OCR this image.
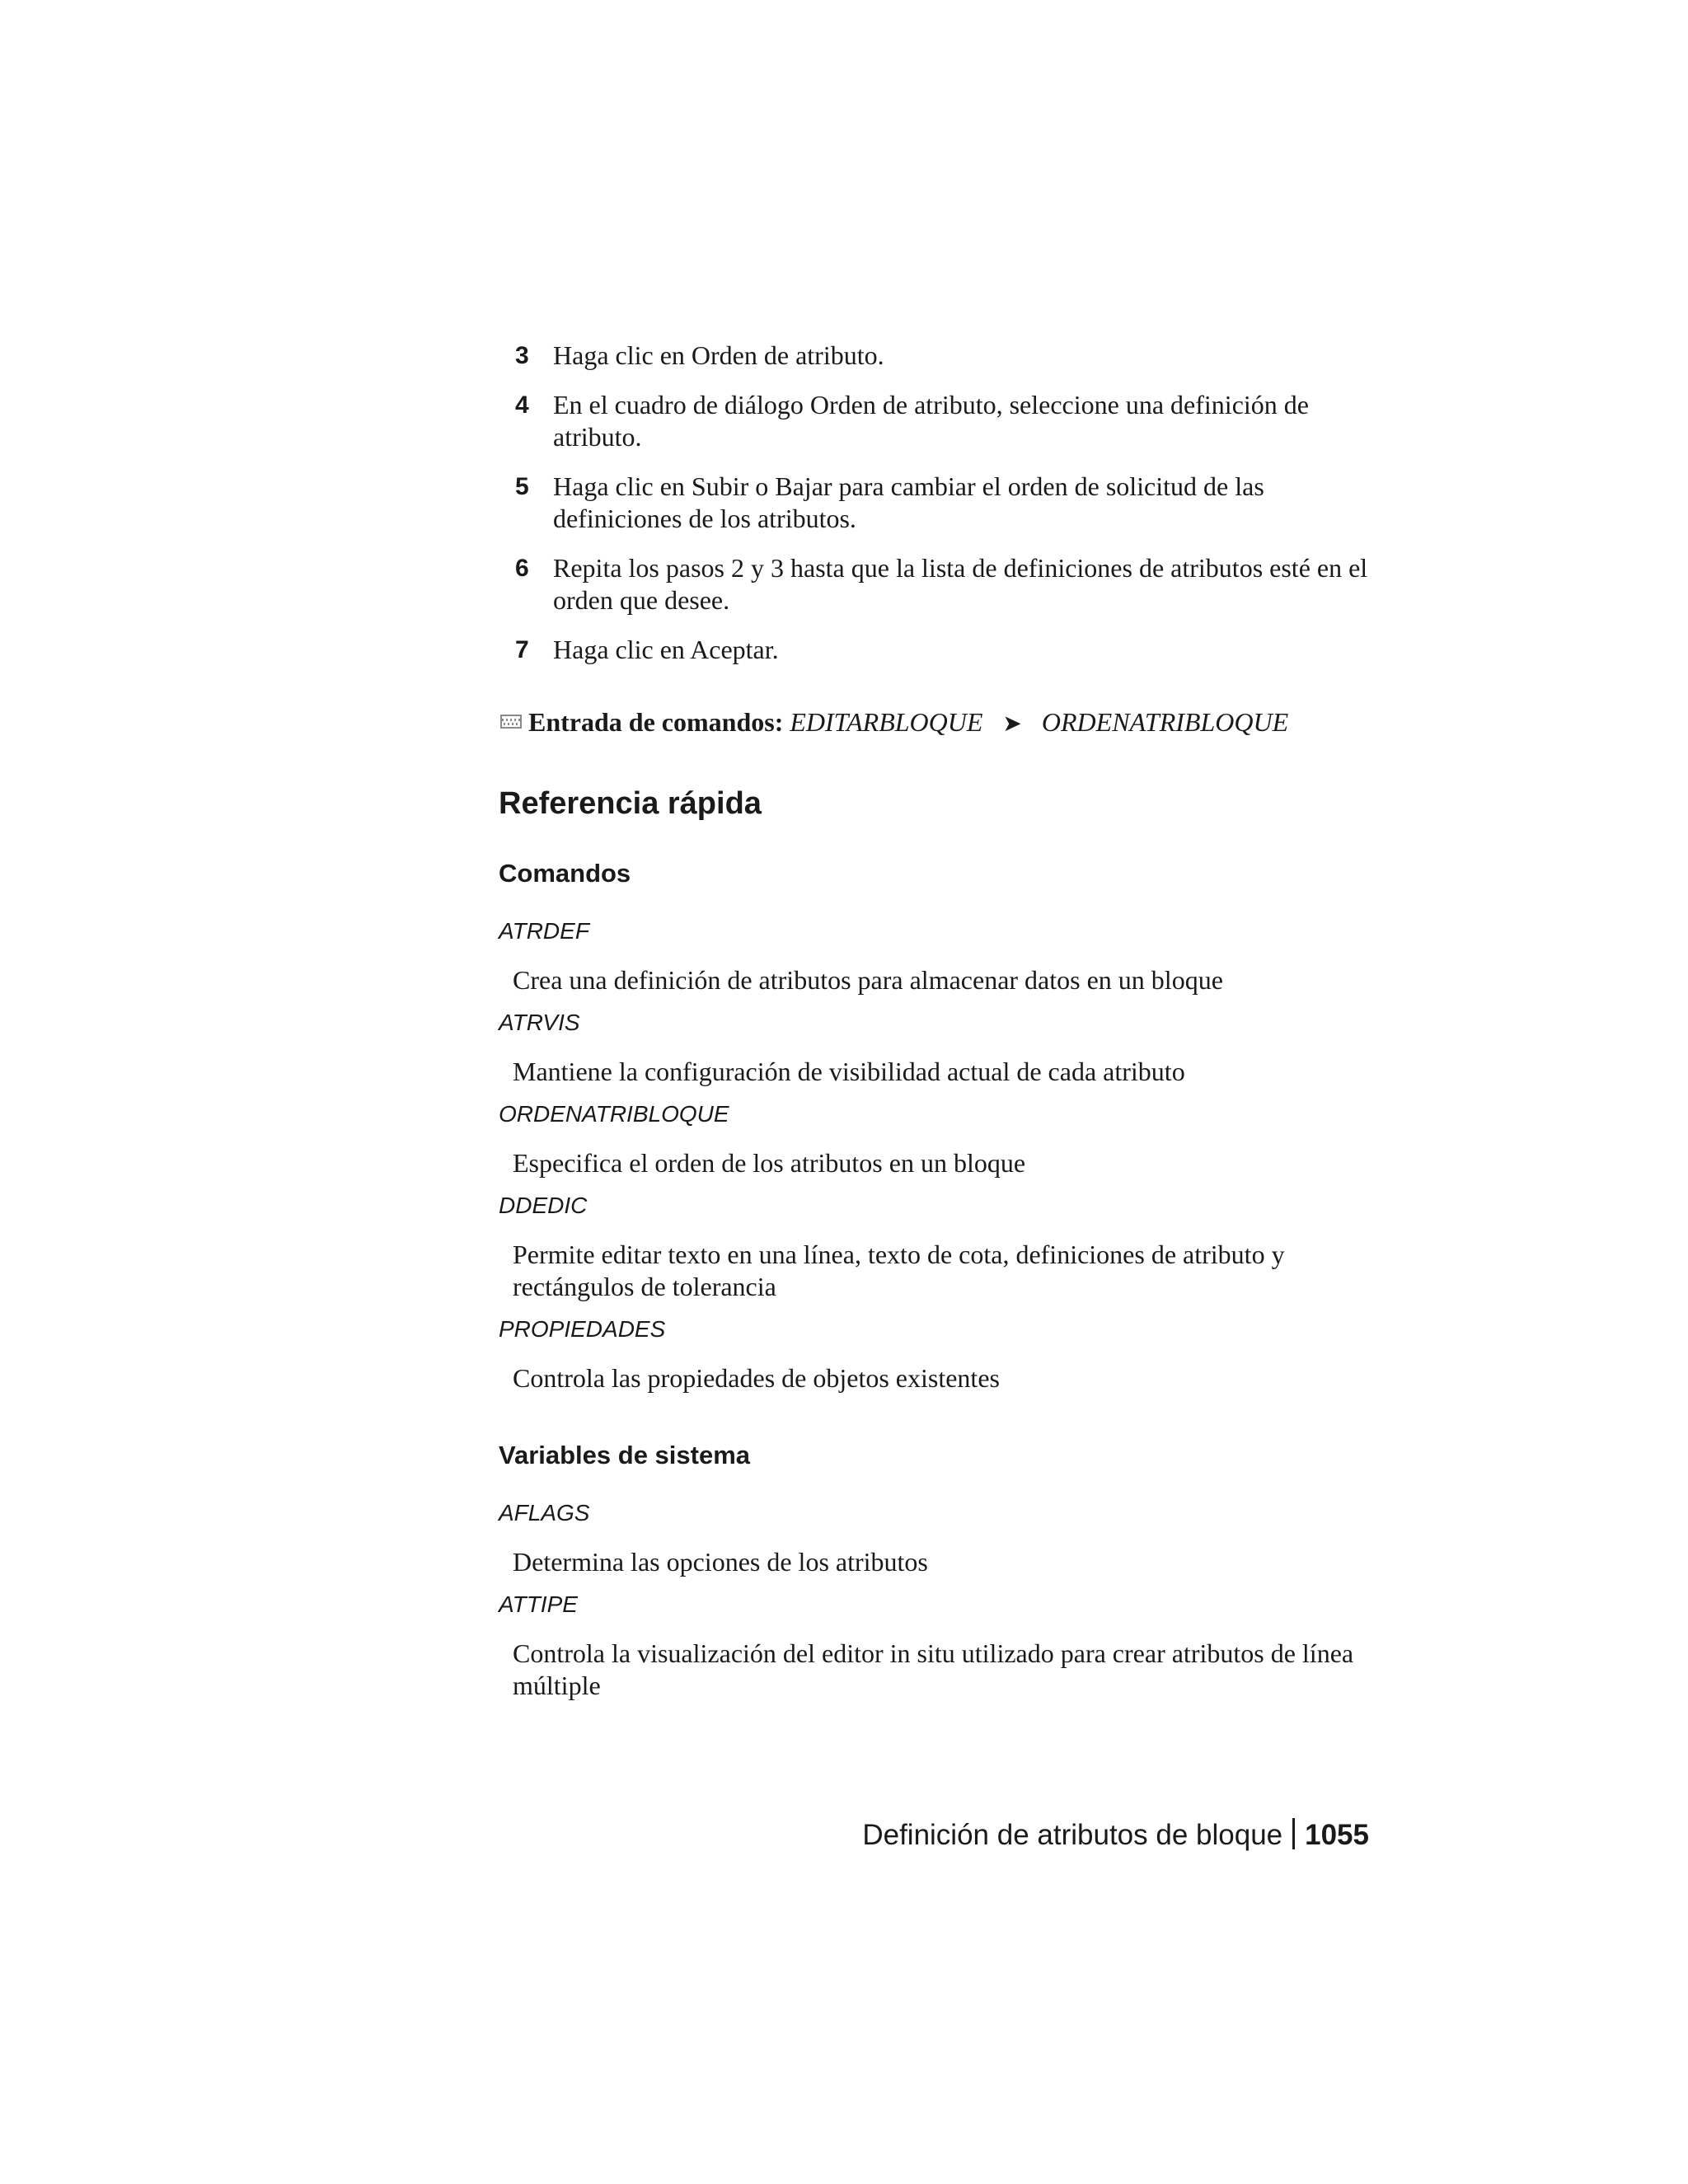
3 Haga clic en Orden de atributo.
4 En el cuadro de diálogo Orden de atributo, seleccione una definición de atributo.
5 Haga clic en Subir o Bajar para cambiar el orden de solicitud de las definiciones de los atributos.
6 Repita los pasos 2 y 3 hasta que la lista de definiciones de atributos esté en el orden que desee.
7 Haga clic en Aceptar.
Entrada de comandos: EDITARBLOQUE ➤ ORDENATRIBLOQUE
Referencia rápida
Comandos

ATRDEF

Crea una definición de atributos para almacenar datos en un bloque

ATRVIS

Mantiene la configuración de visibilidad actual de cada atributo

ORDENATRIBLOQUE

Especifica el orden de los atributos en un bloque

DDEDIC

Permite editar texto en una línea, texto de cota, definiciones de atributo y rectángulos de tolerancia

PROPIEDADES

Controla las propiedades de objetos existentes

Variables de sistema

AFLAGS

Determina las opciones de los atributos

ATTIPE

Controla la visualización del editor in situ utilizado para crear atributos de línea múltiple

Definición de atributos de bloque 1055
